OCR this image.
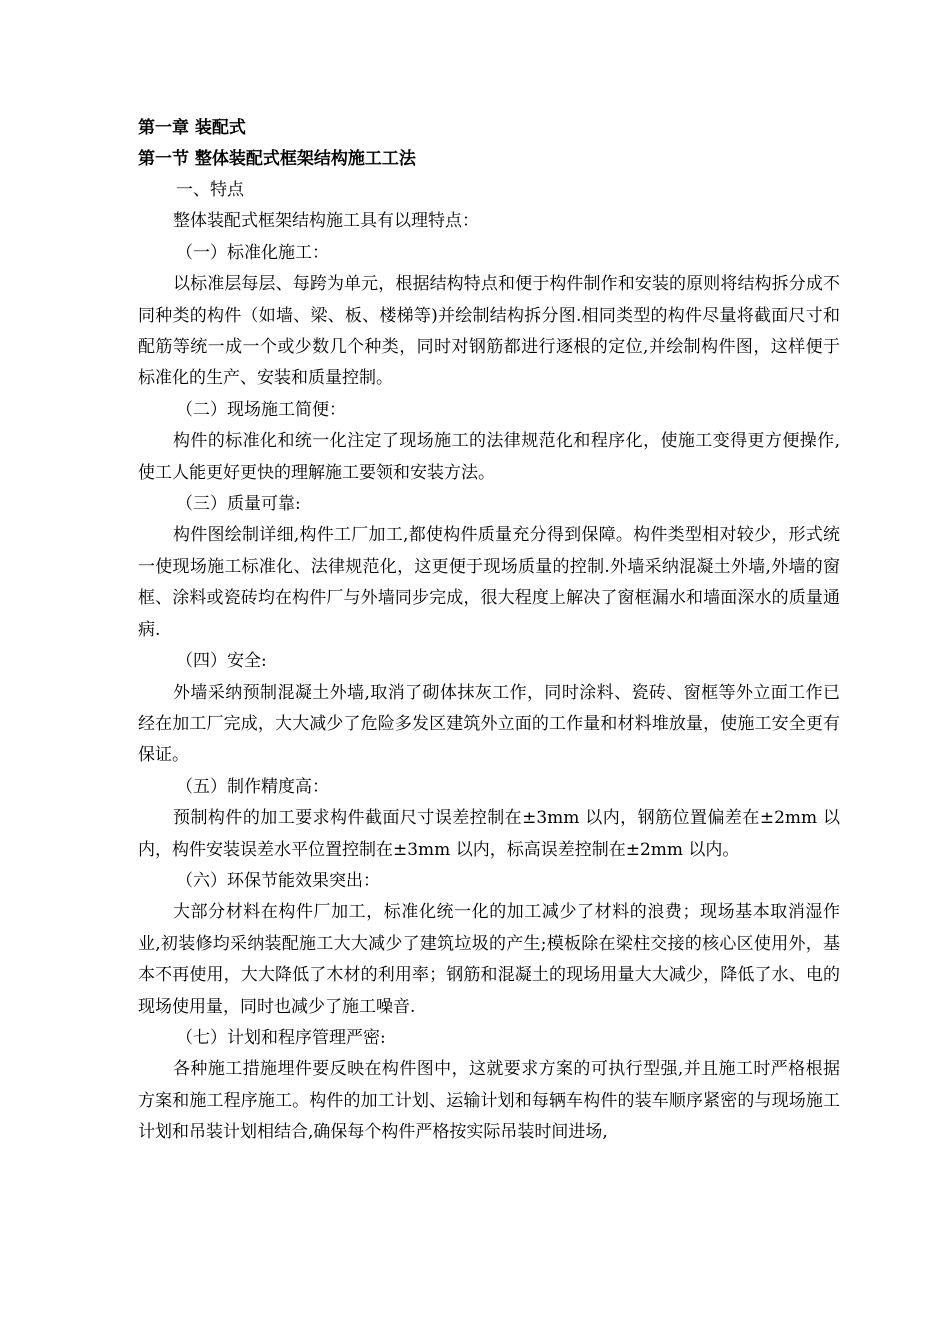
第一章 装配式
第一节 整体装配式框架结构施工工法

一、特点

整体装配式框架结构施工具有以理特点：

（一）标准化施工：

以标准层每层、每跨为单元，根据结构特点和便于构件制作和安装的原则将结构拆分成不同种类的构件（如墙、梁、板、楼梯等)并绘制结构拆分图.相同类型的构件尽量将截面尺寸和配筋等统一成一个或少数几个种类，同时对钢筋都进行逐根的定位,并绘制构件图，这样便于标准化的生产、安装和质量控制。

（二）现场施工简便：

构件的标准化和统一化注定了现场施工的法律规范化和程序化，使施工变得更方便操作,使工人能更好更快的理解施工要领和安装方法。

（三）质量可靠:

构件图绘制详细,构件工厂加工,都使构件质量充分得到保障。构件类型相对较少，形式统一使现场施工标准化、法律规范化，这更便于现场质量的控制.外墙采纳混凝土外墙,外墙的窗框、涂料或瓷砖均在构件厂与外墙同步完成，很大程度上解决了窗框漏水和墙面深水的质量通病.

（四）安全:

外墙采纳预制混凝土外墙,取消了砌体抹灰工作，同时涂料、瓷砖、窗框等外立面工作已经在加工厂完成，大大减少了危险多发区建筑外立面的工作量和材料堆放量，使施工安全更有保证。

（五）制作精度高：

预制构件的加工要求构件截面尺寸误差控制在±3mm 以内，钢筋位置偏差在±2mm 以内，构件安装误差水平位置控制在±3mm 以内，标高误差控制在±2mm 以内。

（六）环保节能效果突出：

大部分材料在构件厂加工，标准化统一化的加工减少了材料的浪费；现场基本取消湿作业,初装修均采纳装配施工大大减少了建筑垃圾的产生;模板除在梁柱交接的核心区使用外，基本不再使用，大大降低了木材的利用率；钢筋和混凝土的现场用量大大减少，降低了水、电的现场使用量，同时也减少了施工噪音.

（七）计划和程序管理严密:

各种施工措施埋件要反映在构件图中，这就要求方案的可执行型强,并且施工时严格根据方案和施工程序施工。构件的加工计划、运输计划和每辆车构件的装车顺序紧密的与现场施工计划和吊装计划相结合,确保每个构件严格按实际吊装时间进场,
